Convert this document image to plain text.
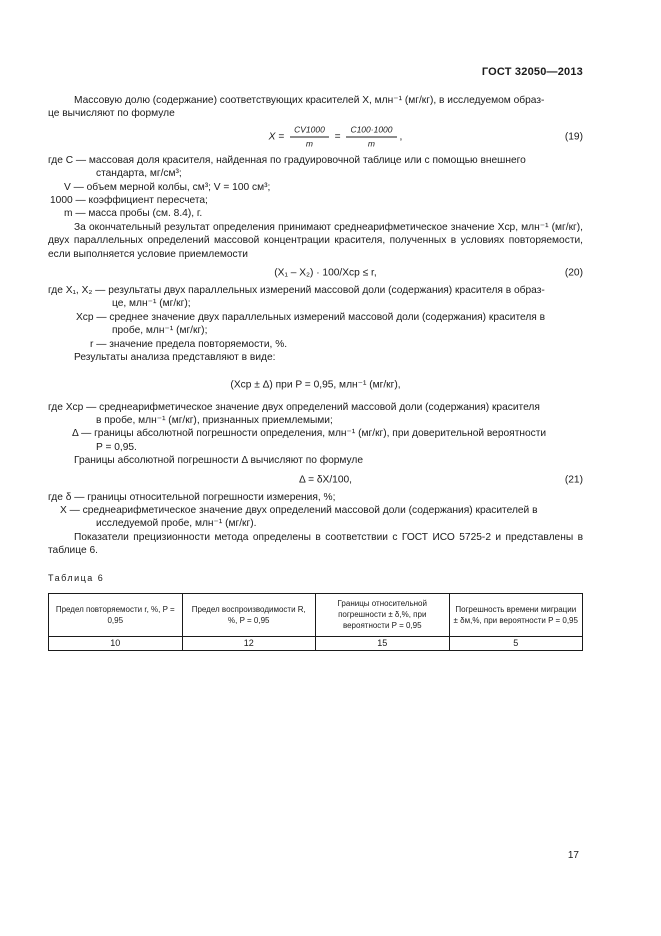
ГОСТ 32050—2013

Массовую долю (содержание) соответствующих красителей X, млн⁻¹ (мг/кг), в исследуемом образ-
це вычисляют по формуле

$X = \frac{CV1000}{m} = \frac{C100\cdot 1000}{m}$ ,	(19)

где C — массовая доля красителя, найденная по градуировочной таблице или с помощью внешнего

стандарта, мг/см³;

V — объем мерной колбы, см³; V = 100 см³;

1000 — коэффициент пересчета;

m — масса пробы (см. 8.4), г.

За окончательный результат определения принимают среднеарифметическое значение Xср, млн⁻¹ (мг/кг), двух параллельных определений массовой концентрации красителя, полученных в условиях повторяемости, если выполняется условие приемлемости

(X₁ – X₂) · 100/Xср ≤ r,	(20)

где X₁, X₂ — результаты двух параллельных измерений массовой доли (содержания) красителя в образ-

це, млн⁻¹ (мг/кг);

Xср — среднее значение двух параллельных измерений массовой доли (содержания) красителя в

пробе, млн⁻¹ (мг/кг);

r — значение предела повторяемости, %.

Результаты анализа представляют в виде:

(Xср ± Δ) при P = 0,95, млн⁻¹ (мг/кг),

где Xср — среднеарифметическое значение двух определений массовой доли (содержания) красителя

в пробе, млн⁻¹ (мг/кг), признанных приемлемыми;

Δ — границы абсолютной погрешности определения, млн⁻¹ (мг/кг), при доверительной вероятности

P = 0,95.

Границы абсолютной погрешности Δ вычисляют по формуле

Δ = δX/100,	(21)

где δ — границы относительной погрешности измерения, %;

X — среднеарифметическое значение двух определений массовой доли (содержания) красителей в

исследуемой пробе, млн⁻¹ (мг/кг).

Показатели прецизионности метода определены в соответствии с ГОСТ ИСО 5725-2 и представлены в таблице 6.

Таблица 6
Предел повторяемости r, %, P = 0,95	Предел воспроизводимости R, %, P = 0,95	Границы относительной погрешности ± δ,%, при вероятности P = 0,95	Погрешность времени миграции ± δм,%, при вероятности P = 0,95
10	12	15	5
17
